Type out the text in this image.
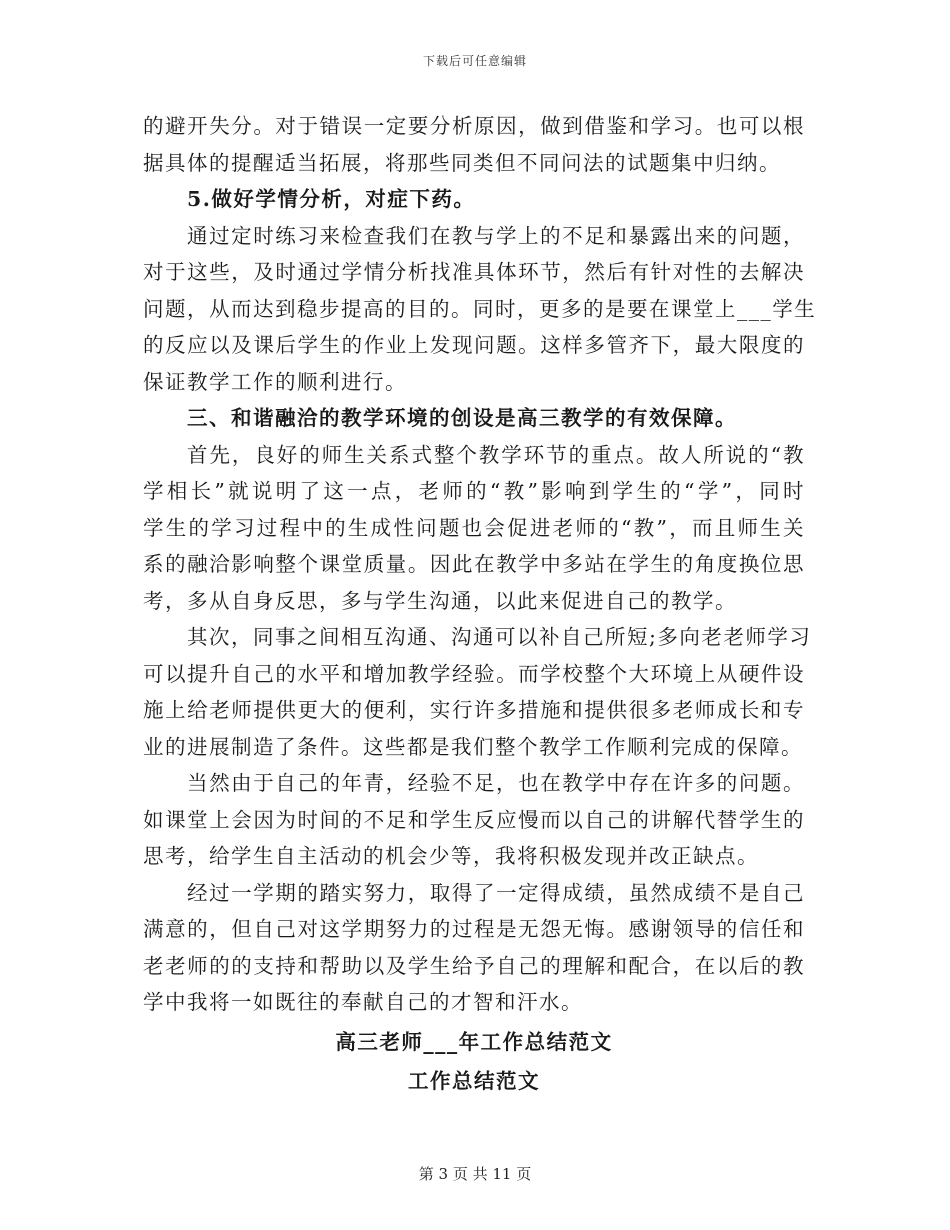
下载后可任意编辑
的避开失分。对于错误一定要分析原因，做到借鉴和学习。也可以根
据具体的提醒适当拓展，将那些同类但不同问法的试题集中归纳。
5.做好学情分析，对症下药。
通过定时练习来检查我们在教与学上的不足和暴露出来的问题，
对于这些，及时通过学情分析找准具体环节，然后有针对性的去解决
问题，从而达到稳步提高的目的。同时，更多的是要在课堂上___学生
的反应以及课后学生的作业上发现问题。这样多管齐下，最大限度的
保证教学工作的顺利进行。
三、和谐融洽的教学环境的创设是高三教学的有效保障。
首先，良好的师生关系式整个教学环节的重点。故人所说的“教
学相长”就说明了这一点，老师的“教”影响到学生的“学”，同时
学生的学习过程中的生成性问题也会促进老师的“教”，而且师生关
系的融洽影响整个课堂质量。因此在教学中多站在学生的角度换位思
考，多从自身反思，多与学生沟通，以此来促进自己的教学。
其次，同事之间相互沟通、沟通可以补自己所短;多向老老师学习
可以提升自己的水平和增加教学经验。而学校整个大环境上从硬件设
施上给老师提供更大的便利，实行许多措施和提供很多老师成长和专
业的进展制造了条件。这些都是我们整个教学工作顺利完成的保障。
当然由于自己的年青，经验不足，也在教学中存在许多的问题。
如课堂上会因为时间的不足和学生反应慢而以自己的讲解代替学生的
思考，给学生自主活动的机会少等，我将积极发现并改正缺点。
经过一学期的踏实努力，取得了一定得成绩，虽然成绩不是自己
满意的，但自己对这学期努力的过程是无怨无悔。感谢领导的信任和
老老师的的支持和帮助以及学生给予自己的理解和配合，在以后的教
学中我将一如既往的奉献自己的才智和汗水。
高三老师___年工作总结范文
工作总结范文
第 3 页 共 11 页
